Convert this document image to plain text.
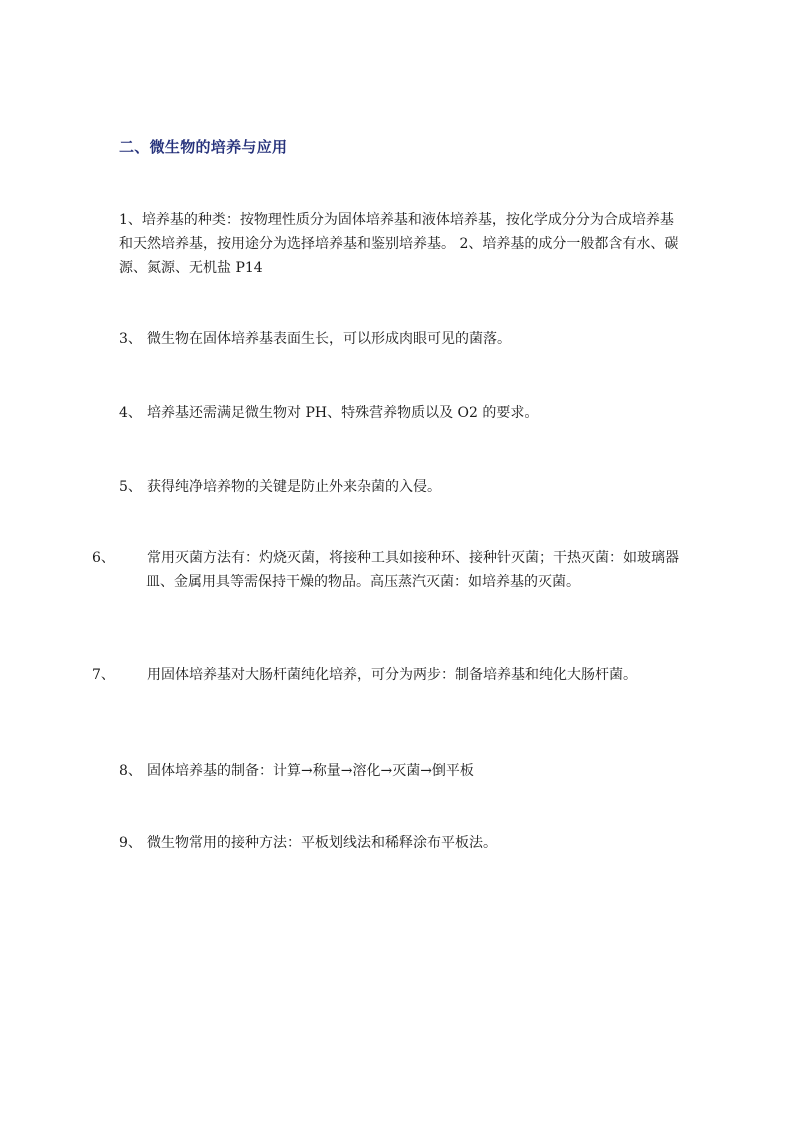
二、微生物的培养与应用
1、培养基的种类：按物理性质分为固体培养基和液体培养基，按化学成分分为合成培养基和天然培养基，按用途分为选择培养基和鉴别培养基。 2、培养基的成分一般都含有水、碳源、氮源、无机盐 P14
3、 微生物在固体培养基表面生长，可以形成肉眼可见的菌落。
4、 培养基还需满足微生物对 PH、特殊营养物质以及 O2 的要求。
5、 获得纯净培养物的关键是防止外来杂菌的入侵。
6、 常用灭菌方法有：灼烧灭菌，将接种工具如接种环、接种针灭菌；干热灭菌：如玻璃器皿、金属用具等需保持干燥的物品。高压蒸汽灭菌：如培养基的灭菌。
7、 用固体培养基对大肠杆菌纯化培养，可分为两步：制备培养基和纯化大肠杆菌。
8、 固体培养基的制备：计算→称量→溶化→灭菌→倒平板
9、 微生物常用的接种方法：平板划线法和稀释涂布平板法。
